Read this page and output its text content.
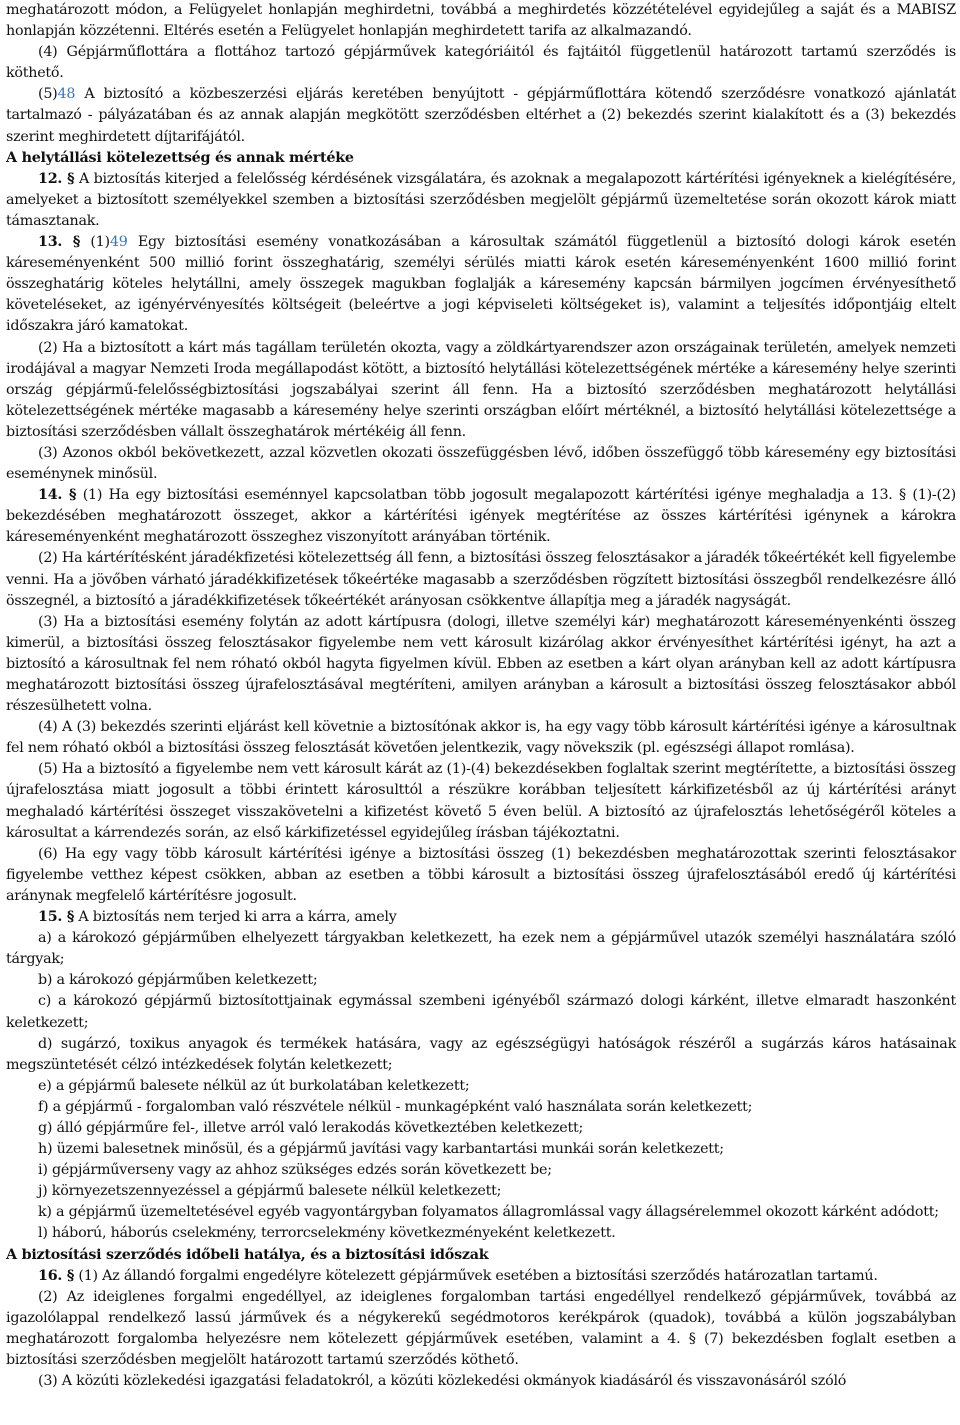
meghatározott módon, a Felügyelet honlapján meghirdetni, továbbá a meghirdetés közzétételével egyidejűleg a saját és a MABISZ honlapján közzétenni. Eltérés esetén a Felügyelet honlapján meghirdetett tarifa az alkalmazandó.

(4) Gépjárműflottára a flottához tartozó gépjárművek kategóriáitól és fajtáitól függetlenül határozott tartamú szerződés is köthető.

(5)48 A biztosító a közbeszerzési eljárás keretében benyújtott - gépjárműflottára kötendő szerződésre vonatkozó ajánlatát tartalmazó - pályázatában és az annak alapján megkötött szerződésben eltérhet a (2) bekezdés szerint kialakított és a (3) bekezdés szerint meghirdetett díjtarifájától.

A helytállási kötelezettség és annak mértéke

12. § A biztosítás kiterjed a felelősség kérdésének vizsgálatára, és azoknak a megalapozott kártérítési igényeknek a kielégítésére, amelyeket a biztosított személyekkel szemben a biztosítási szerződésben megjelölt gépjármű üzemeltetése során okozott károk miatt támasztanak.

13. § (1)49 Egy biztosítási esemény vonatkozásában a károsultak számától függetlenül a biztosító dologi károk esetén káreseményenként 500 millió forint összeghatárig, személyi sérülés miatti károk esetén káreseményenként 1600 millió forint összeghatárig köteles helytállni, amely összegek magukban foglalják a káresemény kapcsán bármilyen jogcímen érvényesíthető követeléseket, az igényérvényesítés költségeit (beleértve a jogi képviseleti költségeket is), valamint a teljesítés időpontjáig eltelt időszakra járó kamatokat.

(2) Ha a biztosított a kárt más tagállam területén okozta, vagy a zöldkártyarendszer azon országainak területén, amelyek nemzeti irodájával a magyar Nemzeti Iroda megállapodást kötött, a biztosító helytállási kötelezettségének mértéke a káresemény helye szerinti ország gépjármű-felelősségbiztosítási jogszabályai szerint áll fenn. Ha a biztosító szerződésben meghatározott helytállási kötelezettségének mértéke magasabb a káresemény helye szerinti országban előírt mértéknél, a biztosító helytállási kötelezettsége a biztosítási szerződésben vállalt összeghatárok mértékéig áll fenn.

(3) Azonos okból bekövetkezett, azzal közvetlen okozati összefüggésben lévő, időben összefüggő több káresemény egy biztosítási eseménynek minősül.

14. § (1) Ha egy biztosítási eseménnyel kapcsolatban több jogosult megalapozott kártérítési igénye meghaladja a 13. § (1)-(2) bekezdésében meghatározott összeget, akkor a kártérítési igények megtérítése az összes kártérítési igénynek a károkra káreseményenként meghatározott összeghez viszonyított arányában történik.

(2) Ha kártérítésként járadékfizetési kötelezettség áll fenn, a biztosítási összeg felosztásakor a járadék tőkeértékét kell figyelembe venni. Ha a jövőben várható járadékkifizetések tőkeértéke magasabb a szerződésben rögzített biztosítási összegből rendelkezésre álló összegnél, a biztosító a járadékkifizetések tőkeértékét arányosan csökkentve állapítja meg a járadék nagyságát.

(3) Ha a biztosítási esemény folytán az adott kártípusra (dologi, illetve személyi kár) meghatározott káreseményenkénti összeg kimerül, a biztosítási összeg felosztásakor figyelembe nem vett károsult kizárólag akkor érvényesíthet kártérítési igényt, ha azt a biztosító a károsultnak fel nem róható okból hagyta figyelmen kívül. Ebben az esetben a kárt olyan arányban kell az adott kártípusra meghatározott biztosítási összeg újrafelosztásával megtéríteni, amilyen arányban a károsult a biztosítási összeg felosztásakor abból részesülhetett volna.

(4) A (3) bekezdés szerinti eljárást kell követnie a biztosítónak akkor is, ha egy vagy több károsult kártérítési igénye a károsultnak fel nem róható okból a biztosítási összeg felosztását követően jelentkezik, vagy növekszik (pl. egészségi állapot romlása).

(5) Ha a biztosító a figyelembe nem vett károsult kárát az (1)-(4) bekezdésekben foglaltak szerint megtérítette, a biztosítási összeg újrafelosztása miatt jogosult a többi érintett károsulttól a részükre korábban teljesített kárkifizetésből az új kártérítési arányt meghaladó kártérítési összeget visszakövetelni a kifizetést követő 5 éven belül. A biztosító az újrafelosztás lehetőségéről köteles a károsultat a kárrendezés során, az első kárkifizetéssel egyidejűleg írásban tájékoztatni.

(6) Ha egy vagy több károsult kártérítési igénye a biztosítási összeg (1) bekezdésben meghatározottak szerinti felosztásakor figyelembe vetthez képest csökken, abban az esetben a többi károsult a biztosítási összeg újrafelosztásából eredő új kártérítési aránynak megfelelő kártérítésre jogosult.

15. § A biztosítás nem terjed ki arra a kárra, amely

a) a károkozó gépjárműben elhelyezett tárgyakban keletkezett, ha ezek nem a gépjárművel utazók személyi használatára szóló tárgyak;

b) a károkozó gépjárműben keletkezett;

c) a károkozó gépjármű biztosítottjainak egymással szembeni igényéből származó dologi kárként, illetve elmaradt haszonként keletkezett;

d) sugárzó, toxikus anyagok és termékek hatására, vagy az egészségügyi hatóságok részéről a sugárzás káros hatásainak megszüntetését célzó intézkedések folytán keletkezett;

e) a gépjármű balesete nélkül az út burkolatában keletkezett;

f) a gépjármű - forgalomban való részvétele nélkül - munkagépként való használata során keletkezett;

g) álló gépjárműre fel-, illetve arról való lerakodás következtében keletkezett;

h) üzemi balesetnek minősül, és a gépjármű javítási vagy karbantartási munkái során keletkezett;

i) gépjárműverseny vagy az ahhoz szükséges edzés során következett be;

j) környezetszennyezéssel a gépjármű balesete nélkül keletkezett;

k) a gépjármű üzemeltetésével egyéb vagyontárgyban folyamatos állagromlással vagy állagsérelemmel okozott kárként adódott;

l) háború, háborús cselekmény, terrorcselekmény következményeként keletkezett.

A biztosítási szerződés időbeli hatálya, és a biztosítási időszak

16. § (1) Az állandó forgalmi engedélyre kötelezett gépjárművek esetében a biztosítási szerződés határozatlan tartamú.

(2) Az ideiglenes forgalmi engedéllyel, az ideiglenes forgalomban tartási engedéllyel rendelkező gépjárművek, továbbá az igazolólappal rendelkező lassú járművek és a négykerekű segédmotoros kerékpárok (quadok), továbbá a külön jogszabályban meghatározott forgalomba helyezésre nem kötelezett gépjárművek esetében, valamint a 4. § (7) bekezdésben foglalt esetben a biztosítási szerződésben megjelölt határozott tartamú szerződés köthető.

(3) A közúti közlekedési igazgatási feladatokról, a közúti közlekedési okmányok kiadásáról és visszavonásáról szóló
